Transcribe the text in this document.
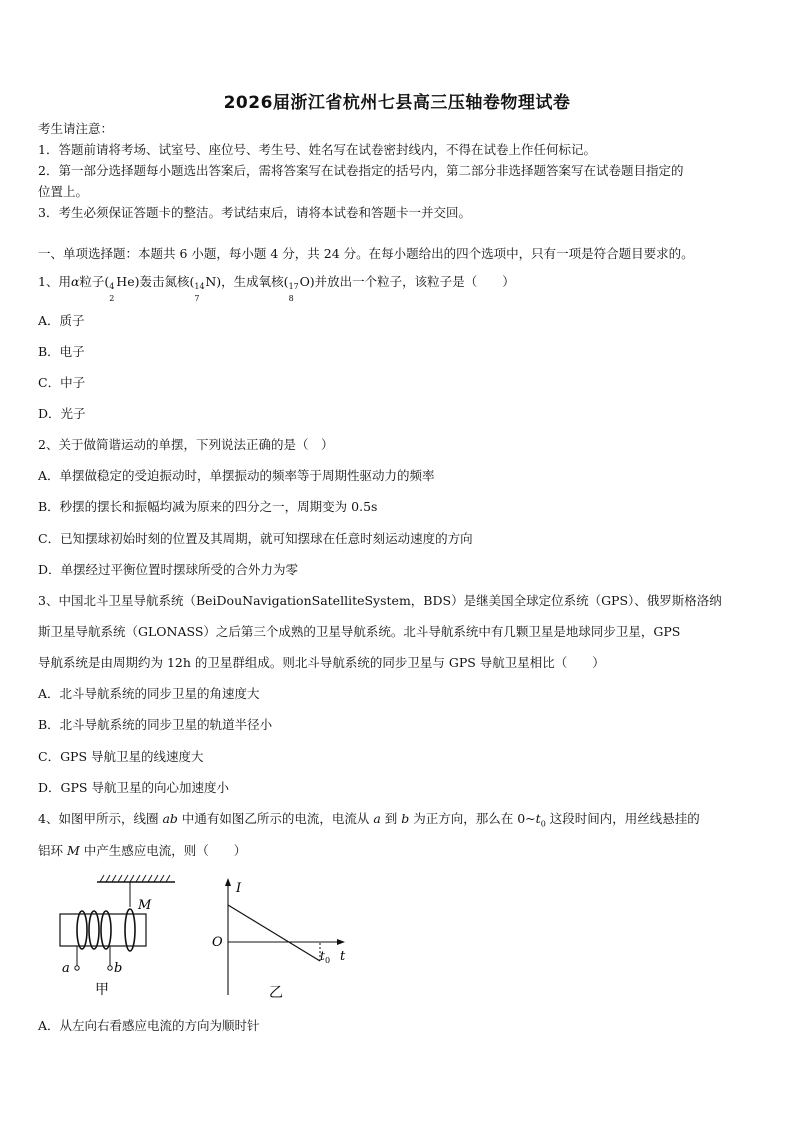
2026届浙江省杭州七县高三压轴卷物理试卷
考生请注意：
1．答题前请将考场、试室号、座位号、考生号、姓名写在试卷密封线内，不得在试卷上作任何标记。
2．第一部分选择题每小题选出答案后，需将答案写在试卷指定的括号内，第二部分非选择题答案写在试卷题目指定的
位置上。
3．考生必须保证答题卡的整洁。考试结束后，请将本试卷和答题卡一并交回。
一、单项选择题：本题共 6 小题，每小题 4 分，共 24 分。在每小题给出的四个选项中，只有一项是符合题目要求的。
1、用α粒子( 4
2
He)轰击氮核( 14
7
N)，生成氧核( 17
8
O)并放出一个粒子，该粒子是（　　）
A．质子
B．电子
C．中子
D．光子
2、关于做简谐运动的单摆，下列说法正确的是（　）
A．单摆做稳定的受迫振动时，单摆振动的频率等于周期性驱动力的频率
B．秒摆的摆长和振幅均减为原来的四分之一，周期变为 0.5s
C．已知摆球初始时刻的位置及其周期，就可知摆球在任意时刻运动速度的方向
D．单摆经过平衡位置时摆球所受的合外力为零
3、中国北斗卫星导航系统（BeiDouNavigationSatelliteSystem，BDS）是继美国全球定位系统（GPS）、俄罗斯格洛纳
斯卫星导航系统（GLONASS）之后第三个成熟的卫星导航系统。北斗导航系统中有几颗卫星是地球同步卫星，GPS
导航系统是由周期约为 12h 的卫星群组成。则北斗导航系统的同步卫星与 GPS 导航卫星相比（　　）
A．北斗导航系统的同步卫星的角速度大
B．北斗导航系统的同步卫星的轨道半径小
C．GPS 导航卫星的线速度大
D．GPS 导航卫星的向心加速度小
4、如图甲所示，线圈 ab 中通有如图乙所示的电流，电流从 a 到 b 为正方向，那么在 $0\sim t_0$ 这段时间内，用丝线悬挂的
铝环 M 中产生感应电流，则（　　）
M
a	b
甲
I
O
t
t 0
乙
A．从左向右看感应电流的方向为顺时针
